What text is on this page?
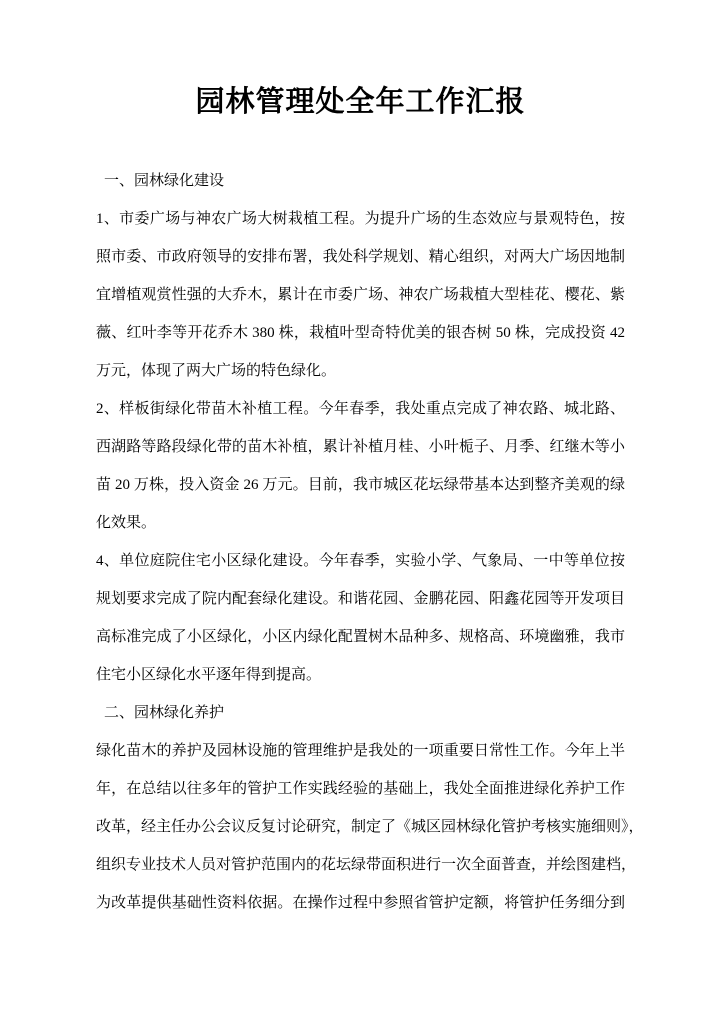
园林管理处全年工作汇报
一、园林绿化建设
1、市委广场与神农广场大树栽植工程。为提升广场的生态效应与景观特色，按
照市委、市政府领导的安排布署，我处科学规划、精心组织，对两大广场因地制
宜增植观赏性强的大乔木，累计在市委广场、神农广场栽植大型桂花、樱花、紫
薇、红叶李等开花乔木 380 株，栽植叶型奇特优美的银杏树 50 株，完成投资 42
万元，体现了两大广场的特色绿化。
2、样板街绿化带苗木补植工程。今年春季，我处重点完成了神农路、城北路、
西湖路等路段绿化带的苗木补植，累计补植月桂、小叶栀子、月季、红继木等小
苗 20 万株，投入资金 26 万元。目前，我市城区花坛绿带基本达到整齐美观的绿
化效果。
4、单位庭院住宅小区绿化建设。今年春季，实验小学、气象局、一中等单位按
规划要求完成了院内配套绿化建设。和谐花园、金鹏花园、阳鑫花园等开发项目
高标准完成了小区绿化，小区内绿化配置树木品种多、规格高、环境幽雅，我市
住宅小区绿化水平逐年得到提高。
二、园林绿化养护
绿化苗木的养护及园林设施的管理维护是我处的一项重要日常性工作。今年上半
年，在总结以往多年的管护工作实践经验的基础上，我处全面推进绿化养护工作
改革，经主任办公会议反复讨论研究，制定了《城区园林绿化管护考核实施细则》，
组织专业技术人员对管护范围内的花坛绿带面积进行一次全面普查，并绘图建档，
为改革提供基础性资料依据。在操作过程中参照省管护定额，将管护任务细分到
